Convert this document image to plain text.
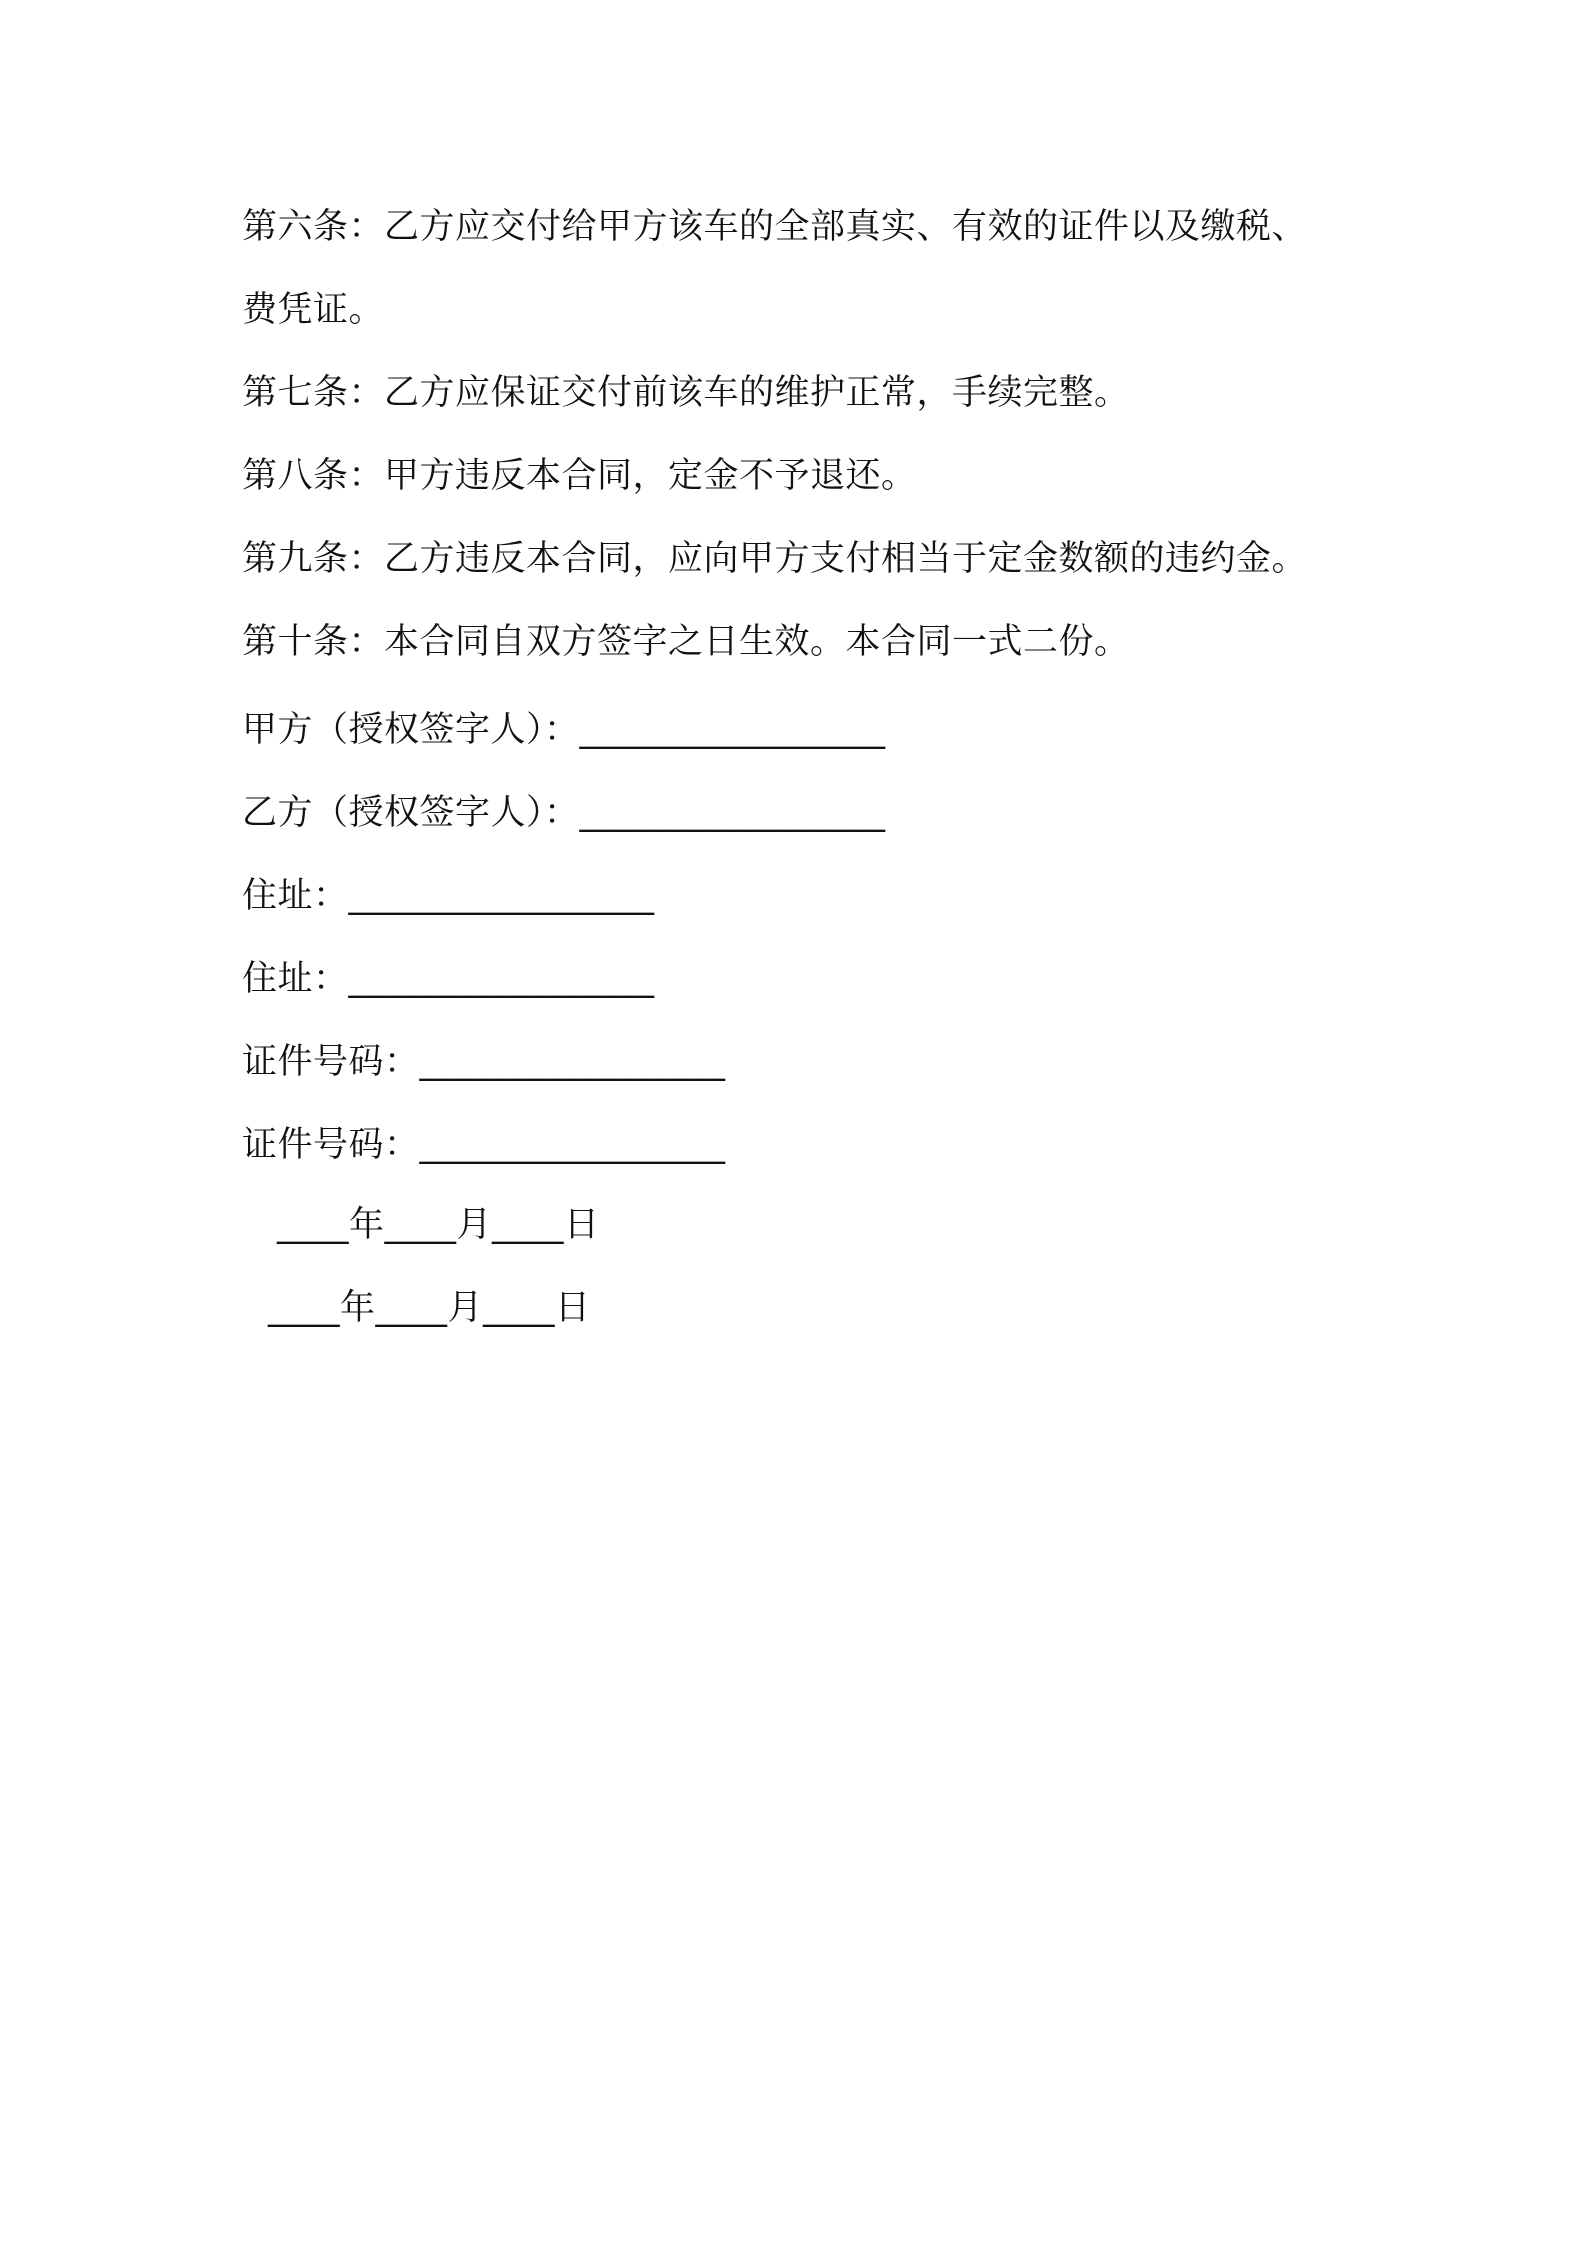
第六条：乙方应交付给甲方该车的全部真实、有效的证件以及缴税、
费凭证。
第七条：乙方应保证交付前该车的维护正常，手续完整。
第八条：甲方违反本合同，定金不予退还。
第九条：乙方违反本合同，应向甲方支付相当于定金数额的违约金。
第十条：本合同自双方签字之日生效。本合同一式二份。
甲方（授权签字人）：_________________
乙方（授权签字人）：_________________
住址：_________________
住址：_________________
证件号码：_________________
证件号码：_________________
____年____月____日
____年____月____日
